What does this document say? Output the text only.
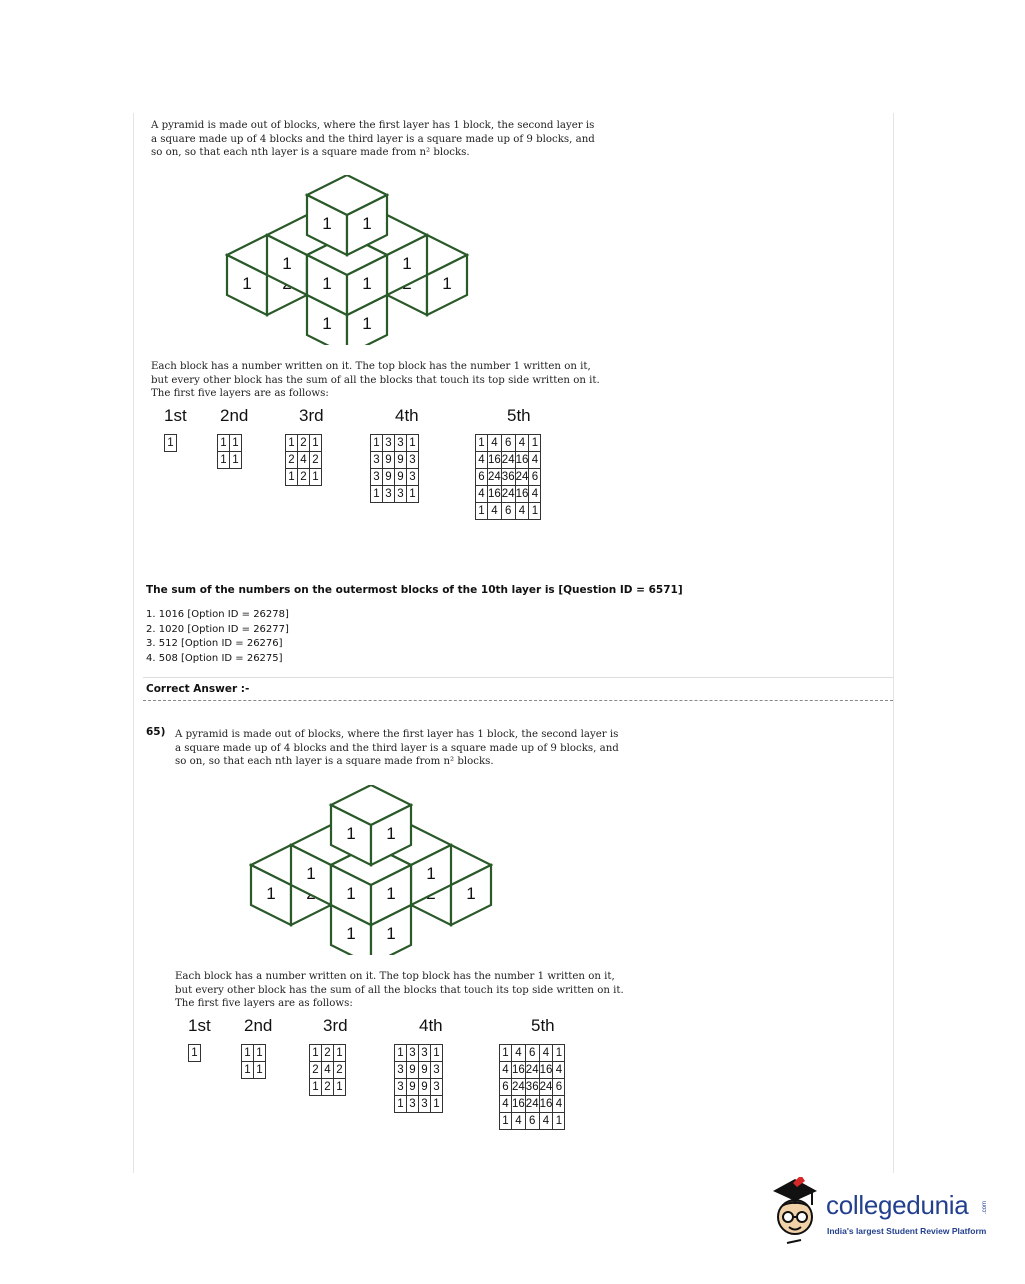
A pyramid is made out of blocks, where the first layer has 1 block, the second layer is
a square made up of 4 blocks and the third layer is a square made up of 9 blocks, and
so on, so that each nth layer is a square made from n² blocks.
1	1
1 1
1	1
1 1
1 1
Each block has a number written on it. The top block has the number 1 written on it,
but every other block has the sum of all the blocks that touch its top side written on it.
The first five layers are as follows:
1st
1
2nd
1	1
1	1
3rd
1	2	1
2	4	2
1	2	1
4th
1	3	3	1
3	9	9	3
3	9	9	3
1	3	3	1
5th
1	4	6	4	1
4	16	24	16	4
6	24	36	24	6
4	16	24	16	4
1	4	6	4	1
The sum of the numbers on the outermost blocks of the 10th layer is [Question ID = 6571]
1. 1016 [Option ID = 26278]
2. 1020 [Option ID = 26277]
3. 512 [Option ID = 26276]
4. 508 [Option ID = 26275]
Correct Answer :-
65) A pyramid is made out of blocks, where the first layer has 1 block, the second layer is
a square made up of 4 blocks and the third layer is a square made up of 9 blocks, and
so on, so that each nth layer is a square made from n² blocks.
1	1
1 1
1	1
1 1
1 1
Each block has a number written on it. The top block has the number 1 written on it,
but every other block has the sum of all the blocks that touch its top side written on it.
The first five layers are as follows:
1st
1
2nd
1	1
1	1
3rd
1	2	1
2	4	2
1	2	1
4th
1	3	3	1
3	9	9	3
3	9	9	3
1	3	3	1
5th
1	4	6	4	1
4	16	24	16	4
6	24	36	24	6
4	16	24	16	4
1	4	6	4	1
collegedunia .com
India's largest Student Review Platform
